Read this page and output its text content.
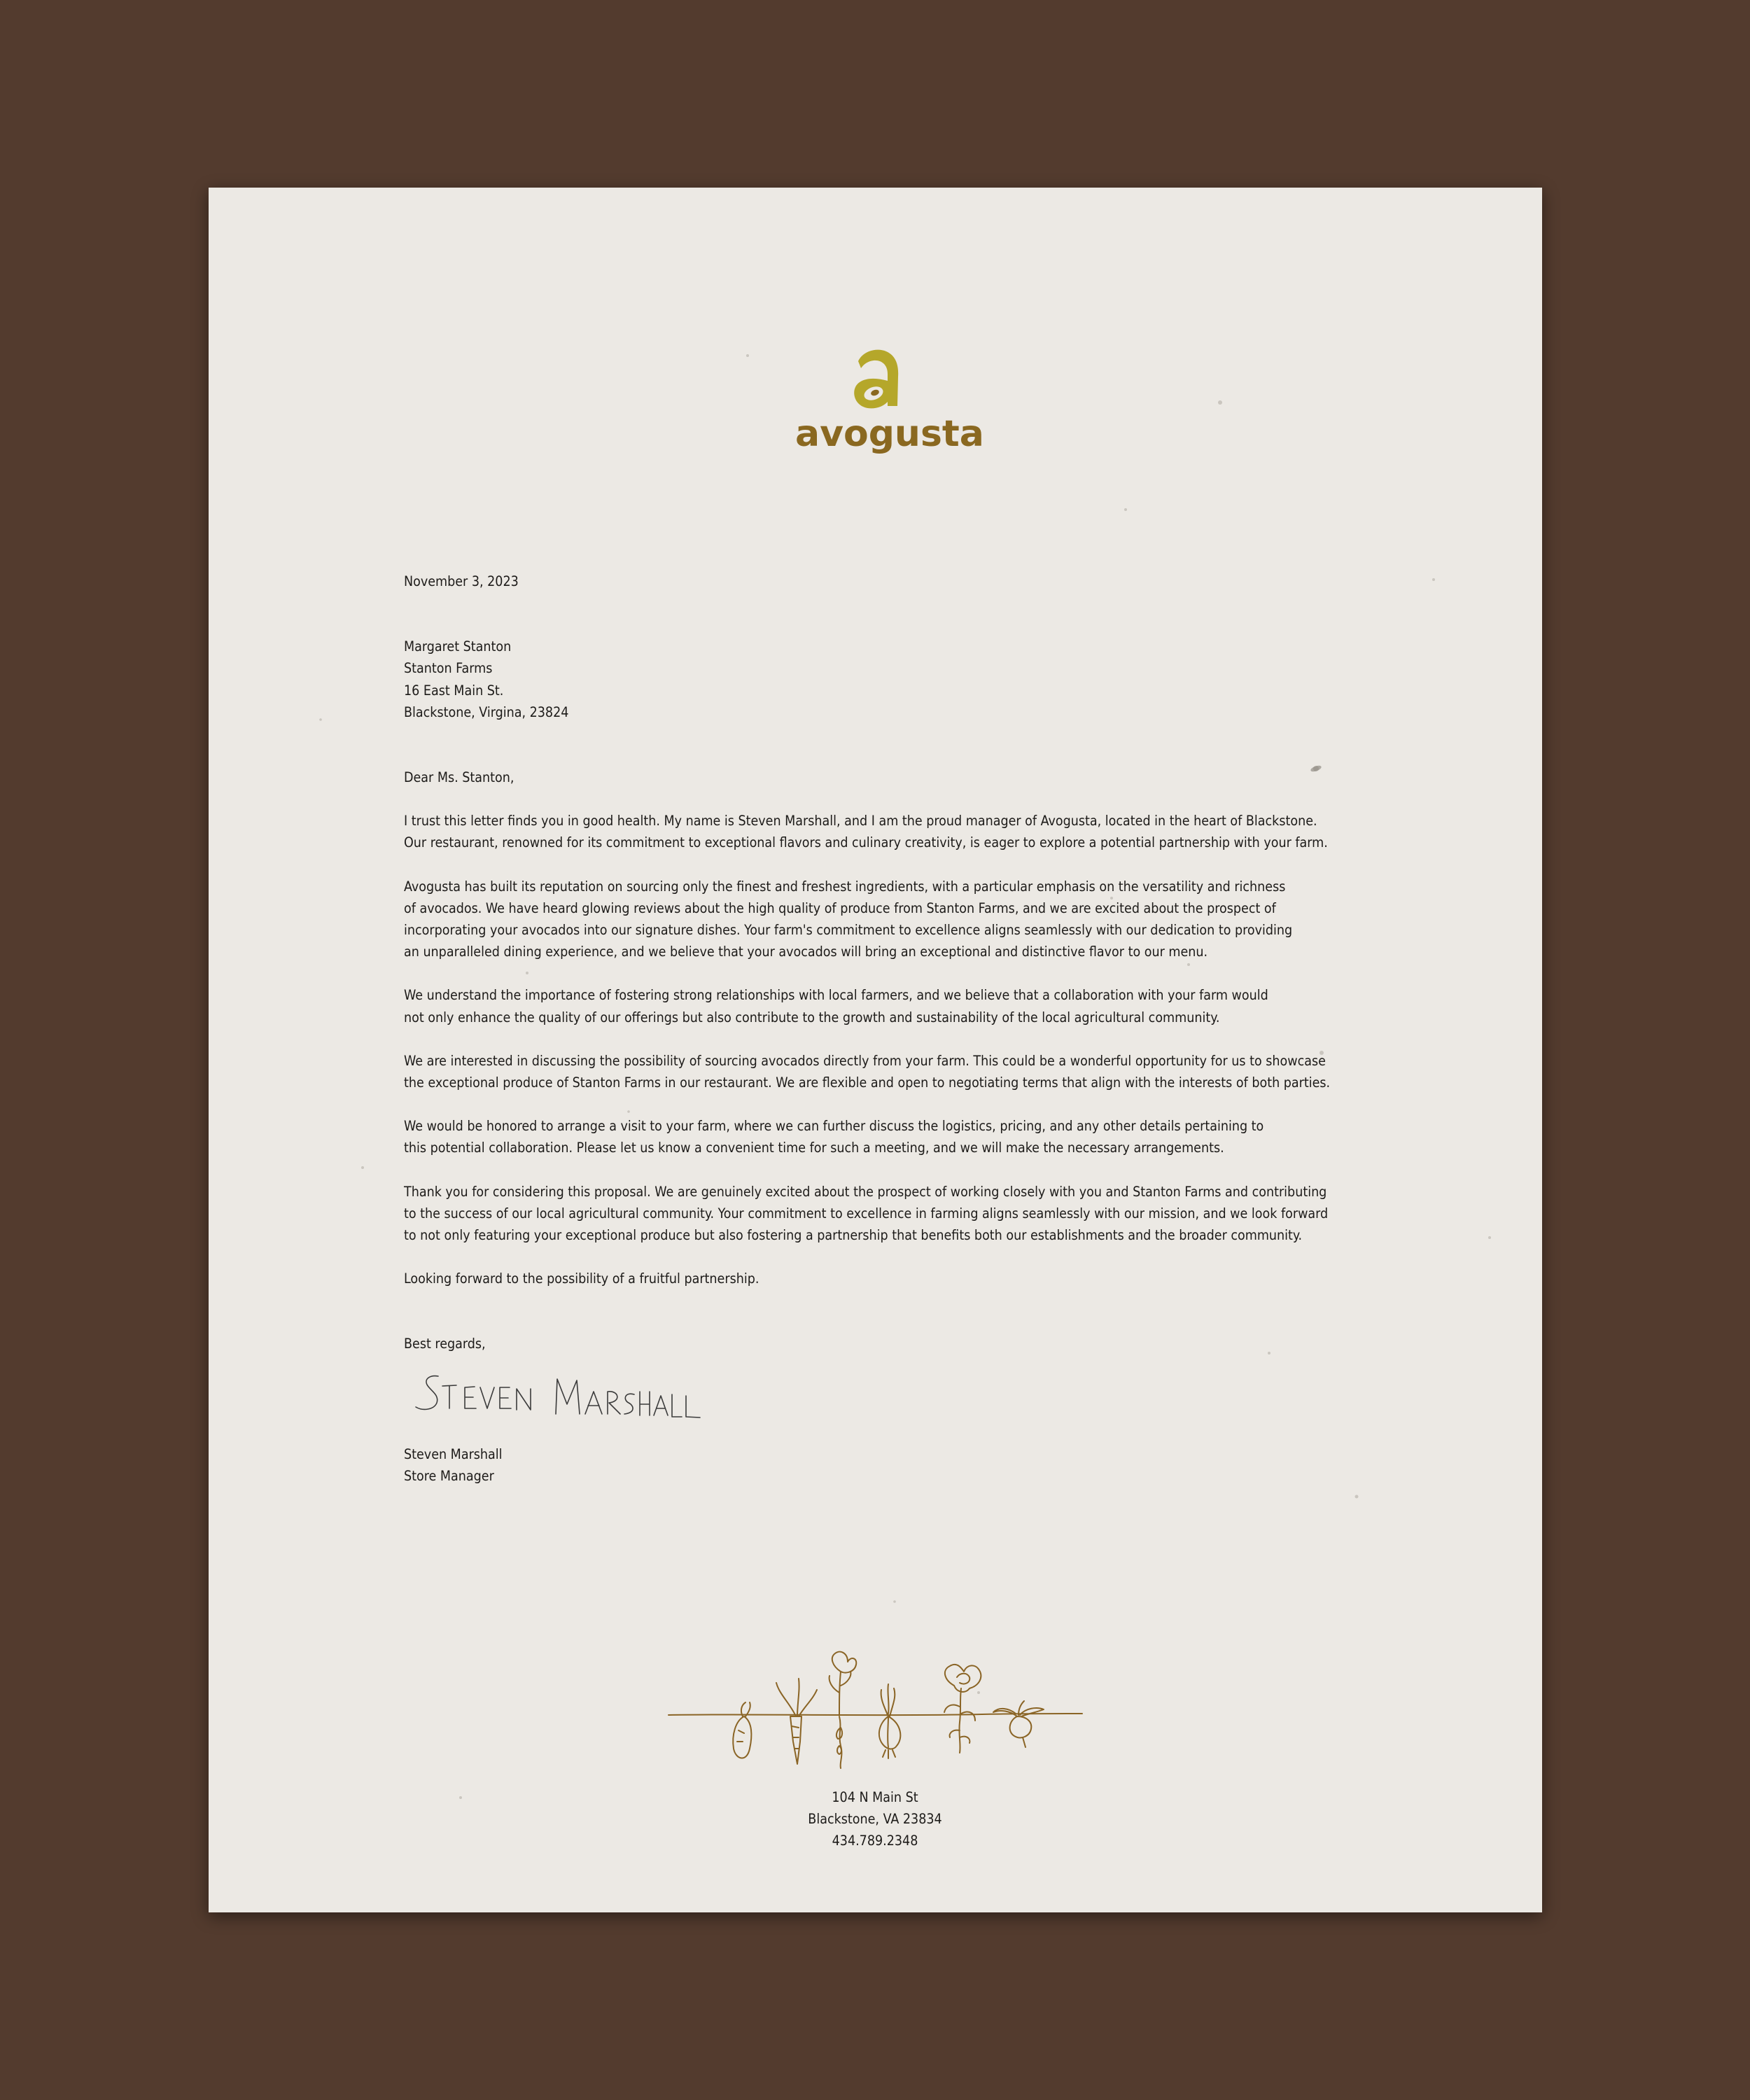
avogusta

November 3, 2023

Margaret Stanton
Stanton Farms
16 East Main St.
Blackstone, Virgina, 23824

Dear Ms. Stanton,

I trust this letter finds you in good health. My name is Steven Marshall, and I am the proud manager of Avogusta, located in the heart of Blackstone.
Our restaurant, renowned for its commitment to exceptional flavors and culinary creativity, is eager to explore a potential partnership with your farm.
Avogusta has built its reputation on sourcing only the finest and freshest ingredients, with a particular emphasis on the versatility and richness
of avocados. We have heard glowing reviews about the high quality of produce from Stanton Farms, and we are excited about the prospect of
incorporating your avocados into our signature dishes. Your farm's commitment to excellence aligns seamlessly with our dedication to providing
an unparalleled dining experience, and we believe that your avocados will bring an exceptional and distinctive flavor to our menu.
We understand the importance of fostering strong relationships with local farmers, and we believe that a collaboration with your farm would
not only enhance the quality of our offerings but also contribute to the growth and sustainability of the local agricultural community.
We are interested in discussing the possibility of sourcing avocados directly from your farm. This could be a wonderful opportunity for us to showcase
the exceptional produce of Stanton Farms in our restaurant. We are flexible and open to negotiating terms that align with the interests of both parties.
We would be honored to arrange a visit to your farm, where we can further discuss the logistics, pricing, and any other details pertaining to
this potential collaboration. Please let us know a convenient time for such a meeting, and we will make the necessary arrangements.
Thank you for considering this proposal. We are genuinely excited about the prospect of working closely with you and Stanton Farms and contributing
to the success of our local agricultural community. Your commitment to excellence in farming aligns seamlessly with our mission, and we look forward
to not only featuring your exceptional produce but also fostering a partnership that benefits both our establishments and the broader community.
Looking forward to the possibility of a fruitful partnership.

Best regards,

Steven Marshall

Store Manager

104 N Main St
Blackstone, VA 23834
434.789.2348
